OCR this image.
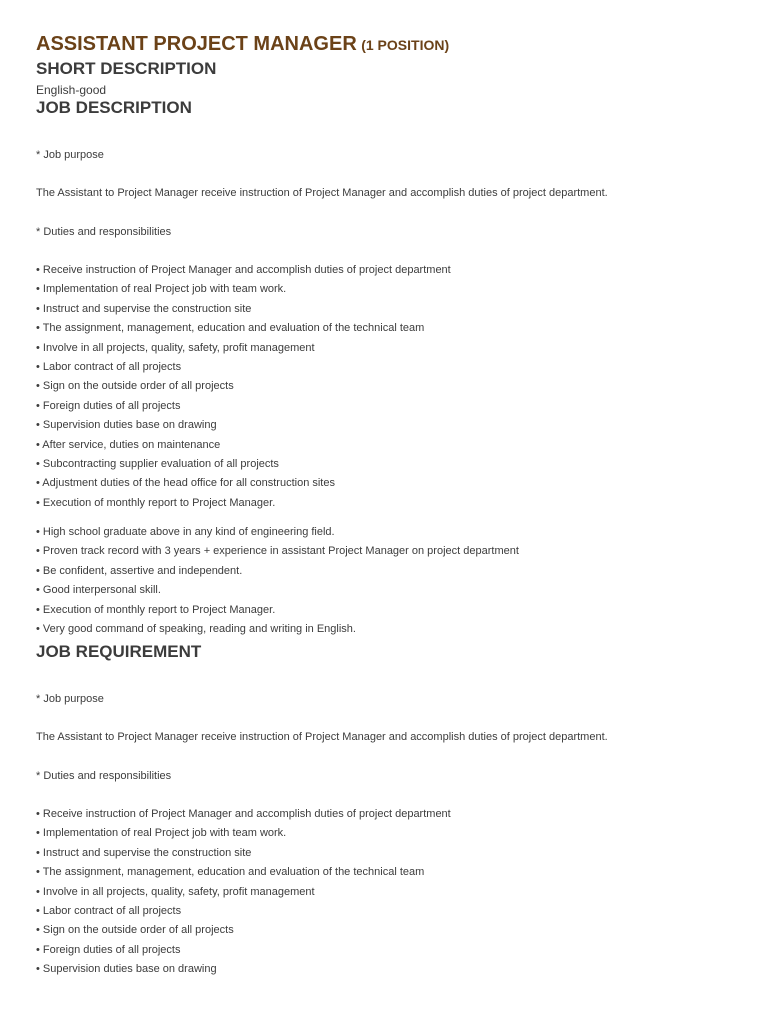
ASSISTANT PROJECT MANAGER (1 POSITION)
SHORT DESCRIPTION
English-good
JOB DESCRIPTION
* Job purpose
The Assistant to Project Manager receive instruction of Project Manager and accomplish duties of project department.
* Duties and responsibilities
• Receive instruction of Project Manager and accomplish duties of project department
• Implementation of real Project job with team work.
• Instruct and supervise the construction site
• The assignment, management, education and evaluation of the technical team
• Involve in all projects, quality, safety, profit management
• Labor contract of all projects
• Sign on the outside order of all projects
• Foreign duties of all projects
• Supervision duties base on drawing
• After service, duties on maintenance
• Subcontracting supplier evaluation of all projects
• Adjustment duties of the head office for all construction sites
• Execution of monthly report to Project Manager.
• High school graduate above in any kind of engineering field.
• Proven track record with 3 years + experience in assistant Project Manager on project department
• Be confident, assertive and independent.
• Good interpersonal skill.
• Execution of monthly report to Project Manager.
• Very good command of speaking, reading and writing in English.
JOB REQUIREMENT
* Job purpose
The Assistant to Project Manager receive instruction of Project Manager and accomplish duties of project department.
* Duties and responsibilities
• Receive instruction of Project Manager and accomplish duties of project department
• Implementation of real Project job with team work.
• Instruct and supervise the construction site
• The assignment, management, education and evaluation of the technical team
• Involve in all projects, quality, safety, profit management
• Labor contract of all projects
• Sign on the outside order of all projects
• Foreign duties of all projects
• Supervision duties base on drawing
